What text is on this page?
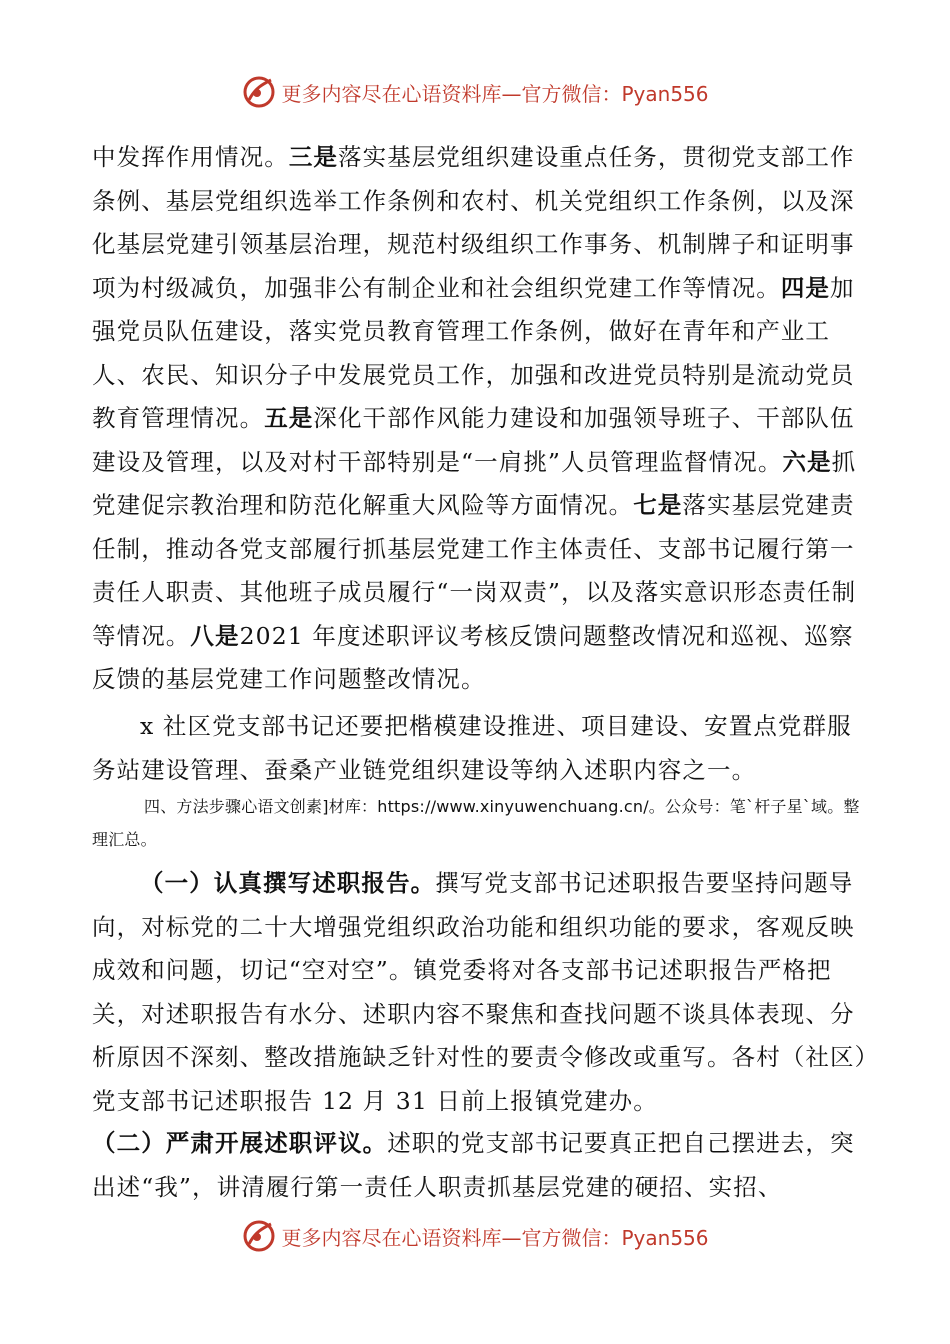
更多内容尽在心语资料库—官方微信：Pyan556

中发挥作用情况。三是落实基层党组织建设重点任务，贯彻党支部工作条例、基层党组织选举工作条例和农村、机关党组织工作条例，以及深化基层党建引领基层治理，规范村级组织工作事务、机制牌子和证明事项为村级减负，加强非公有制企业和社会组织党建工作等情况。四是加强党员队伍建设，落实党员教育管理工作条例，做好在青年和产业工人、农民、知识分子中发展党员工作，加强和改进党员特别是流动党员教育管理情况。五是深化干部作风能力建设和加强领导班子、干部队伍建设及管理，以及对村干部特别是“一肩挑”人员管理监督情况。六是抓党建促宗教治理和防范化解重大风险等方面情况。七是落实基层党建责任制，推动各党支部履行抓基层党建工作主体责任、支部书记履行第一责任人职责、其他班子成员履行“一岗双责”，以及落实意识形态责任制等情况。八是2021 年度述职评议考核反馈问题整改情况和巡视、巡察反馈的基层党建工作问题整改情况。

x 社区党支部书记还要把楷模建设推进、项目建设、安置点党群服务站建设管理、蚕桑产业链党组织建设等纳入述职内容之一。

四、方法步骤心语文创素]材库：https://www.xinyuwenchuang.cn/。公众号：笔`杆子星`域。整理汇总。

（一）认真撰写述职报告。撰写党支部书记述职报告要坚持问题导向，对标党的二十大增强党组织政治功能和组织功能的要求，客观反映成效和问题，切记“空对空”。镇党委将对各支部书记述职报告严格把关，对述职报告有水分、述职内容不聚焦和查找问题不谈具体表现、分析原因不深刻、整改措施缺乏针对性的要责令修改或重写。各村（社区）党支部书记述职报告 12 月 31 日前上报镇党建办。

（二）严肃开展述职评议。述职的党支部书记要真正把自己摆进去，突出述“我”，讲清履行第一责任人职责抓基层党建的硬招、实招、

更多内容尽在心语资料库—官方微信：Pyan556
